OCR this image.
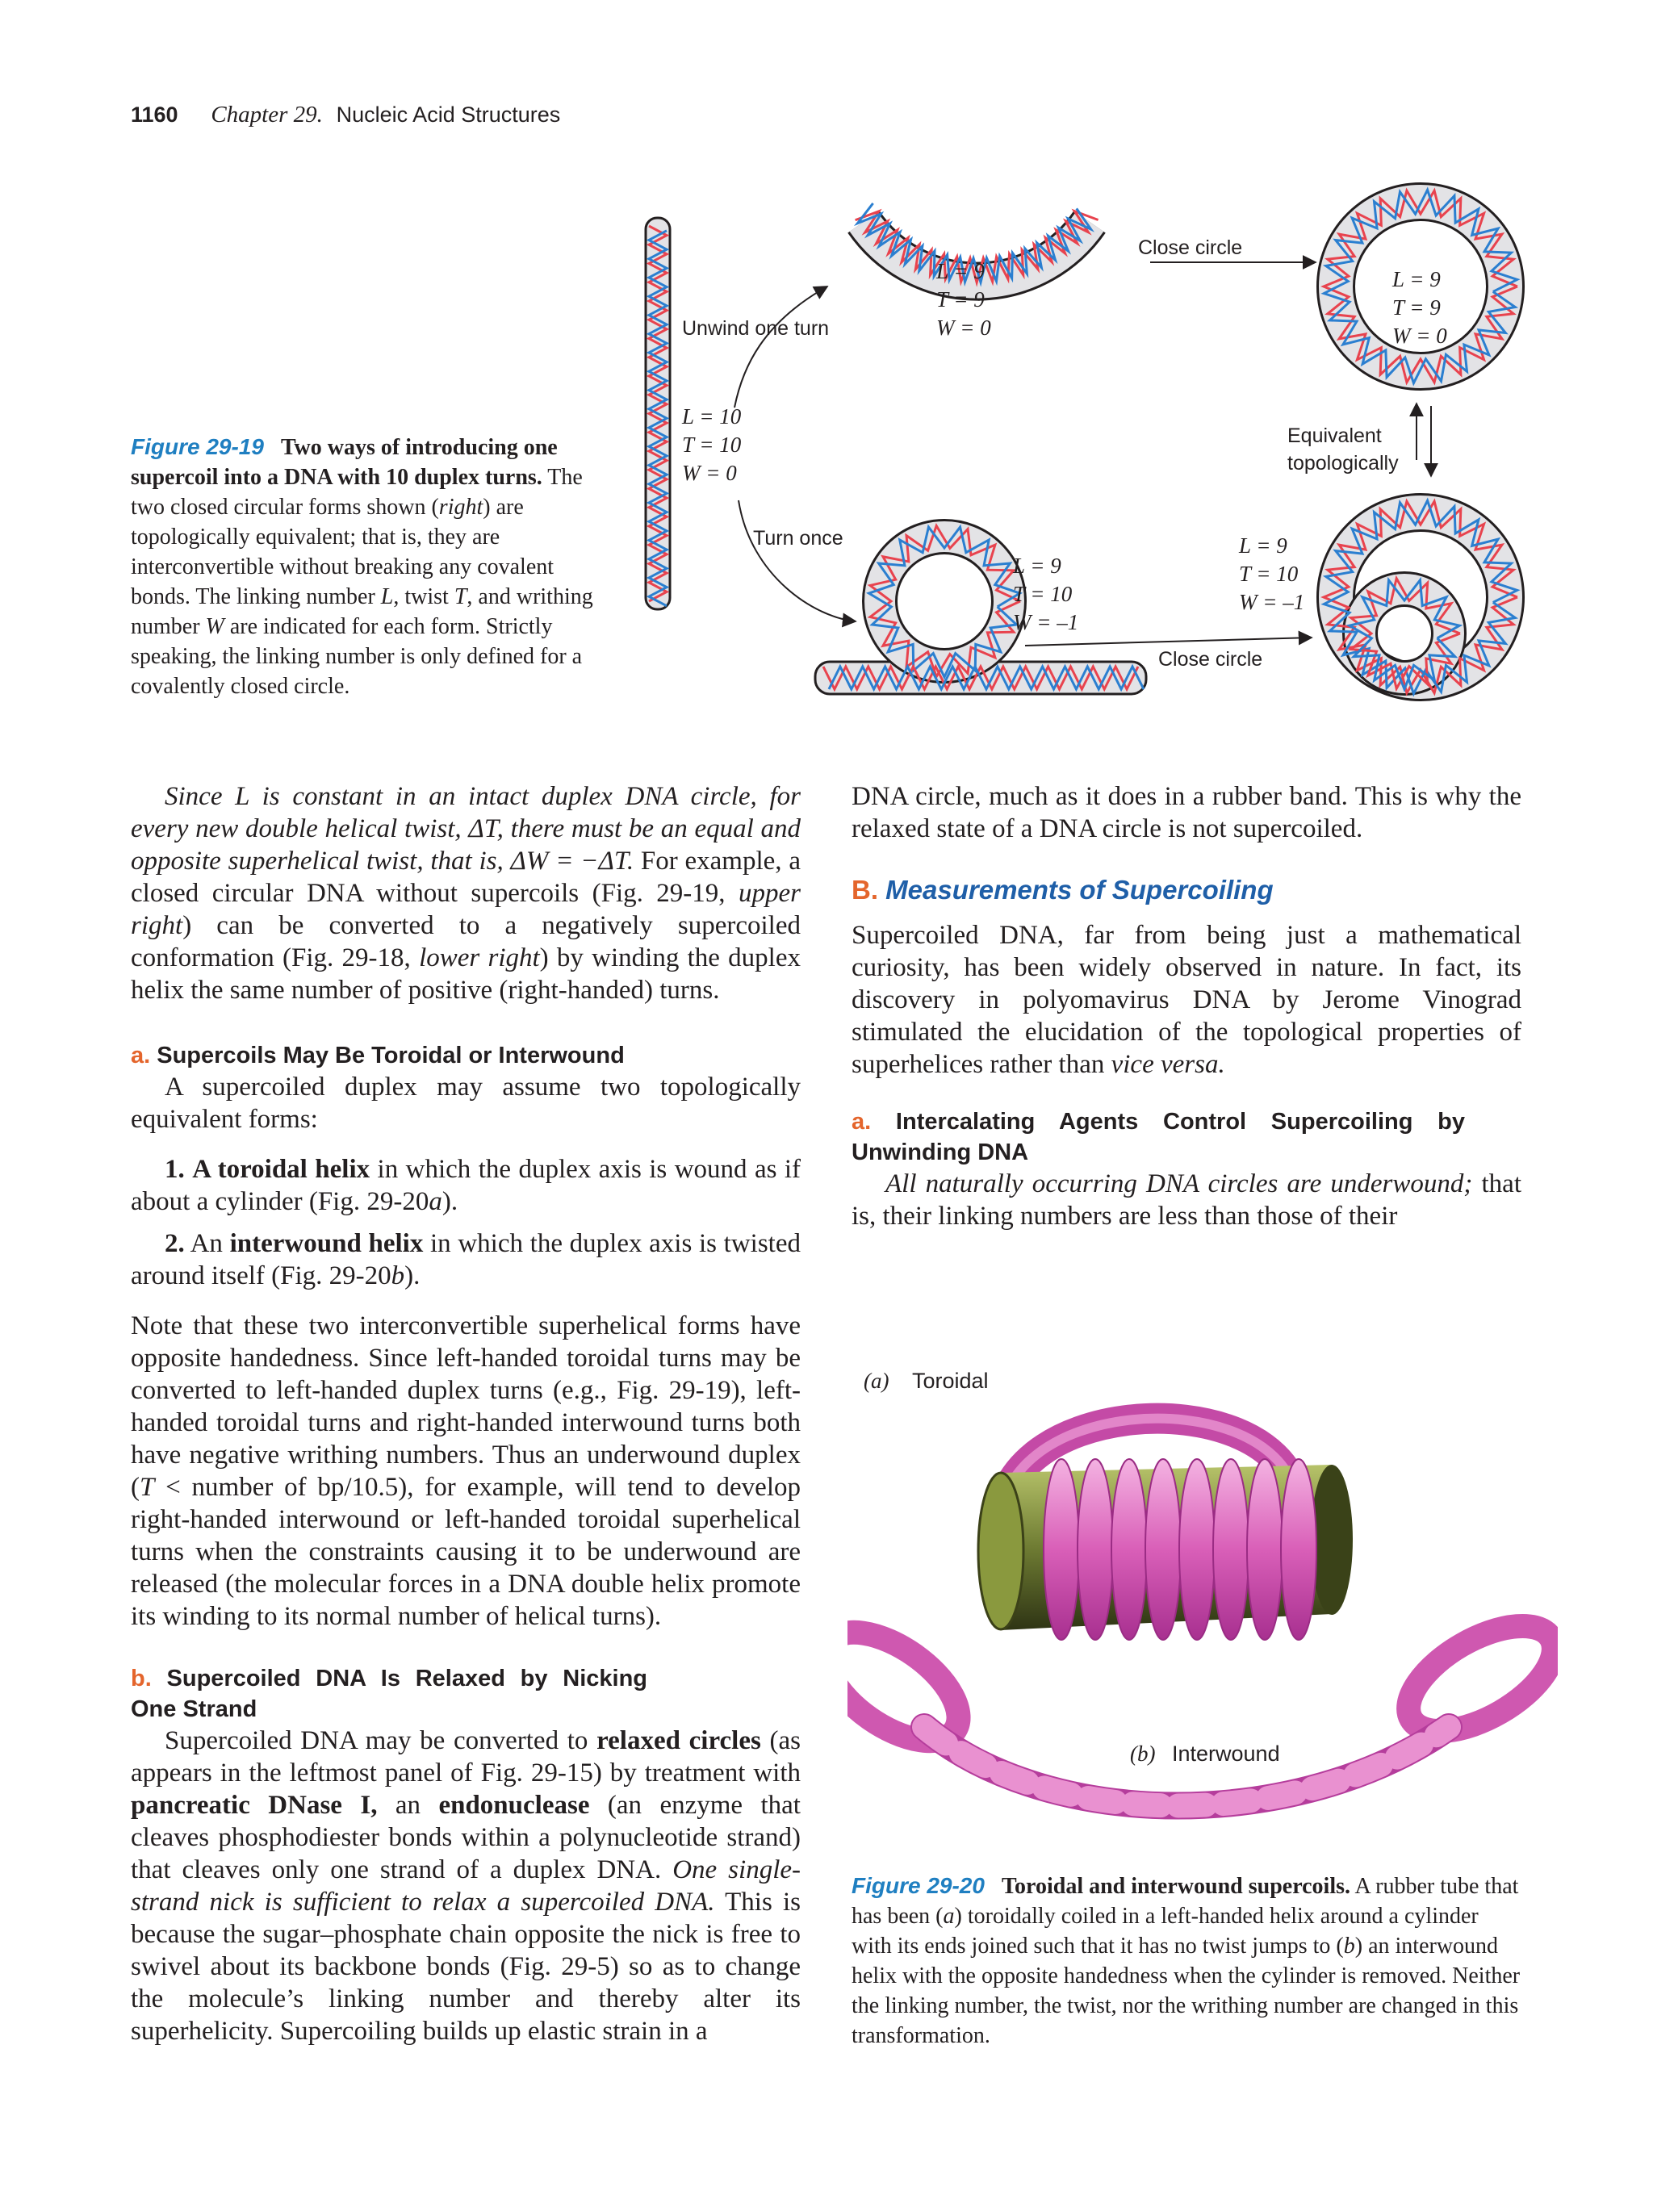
1160 Chapter 29. Nucleic Acid Structures
Figure 29-19 Two ways of introducing one supercoil into a DNA with 10 duplex turns. The two closed circular forms shown (right) are topologically equivalent; that is, they are interconvertible without breaking any covalent bonds. The linking number L, twist T, and writhing number W are indicated for each form. Strictly speaking, the linking number is only defined for a covalently closed circle.
Unwind one turn
Turn once
Close circle
Close circle
Equivalent
topologically
L = 10
T = 10
W = 0
L = 9
T = 9
W = 0
L = 9
T = 9
W = 0
L = 9
T = 10
W = –1
L = 9
T = 10
W = –1

Since L is constant in an intact duplex DNA circle, for every new double helical twist, ΔT, there must be an equal and opposite superhelical twist, that is, ΔW = −ΔT. For example, a closed circular DNA without supercoils (Fig. 29-19, upper right) can be converted to a negatively supercoiled conformation (Fig. 29-18, lower right) by winding the duplex helix the same number of positive (right-handed) turns.

a. Supercoils May Be Toroidal or Interwound

A supercoiled duplex may assume two topologically equivalent forms:

1. A toroidal helix in which the duplex axis is wound as if about a cylinder (Fig. 29-20a).

2. An interwound helix in which the duplex axis is twisted around itself (Fig. 29-20b).

Note that these two interconvertible superhelical forms have opposite handedness. Since left-handed toroidal turns may be converted to left-handed duplex turns (e.g., Fig. 29-19), left-handed toroidal turns and right-handed interwound turns both have negative writhing numbers. Thus an underwound duplex (T < number of bp/10.5), for example, will tend to develop right-handed interwound or left-handed toroidal superhelical turns when the constraints causing it to be underwound are released (the molecular forces in a DNA double helix promote its winding to its normal number of helical turns).

b. Supercoiled DNA Is Relaxed by Nicking One Strand

Supercoiled DNA may be converted to relaxed circles (as appears in the leftmost panel of Fig. 29-15) by treatment with pancreatic DNase I, an endonuclease (an enzyme that cleaves phosphodiester bonds within a polynucleotide strand) that cleaves only one strand of a duplex DNA. One single-strand nick is sufficient to relax a supercoiled DNA. This is because the sugar–phosphate chain opposite the nick is free to swivel about its backbone bonds (Fig. 29-5) so as to change the molecule’s linking number and thereby alter its superhelicity. Supercoiling builds up elastic strain in a

DNA circle, much as it does in a rubber band. This is why the relaxed state of a DNA circle is not supercoiled.

B. Measurements of Supercoiling

Supercoiled DNA, far from being just a mathematical curiosity, has been widely observed in nature. In fact, its discovery in polyomavirus DNA by Jerome Vinograd stimulated the elucidation of the topological properties of superhelices rather than vice versa.

a. Intercalating Agents Control Supercoiling by Unwinding DNA

All naturally occurring DNA circles are underwound; that is, their linking numbers are less than those of their

(a) Toroidal
(b) Interwound
Figure 29-20 Toroidal and interwound supercoils. A rubber tube that has been (a) toroidally coiled in a left-handed helix around a cylinder with its ends joined such that it has no twist jumps to (b) an interwound helix with the opposite handedness when the cylinder is removed. Neither the linking number, the twist, nor the writhing number are changed in this transformation.
